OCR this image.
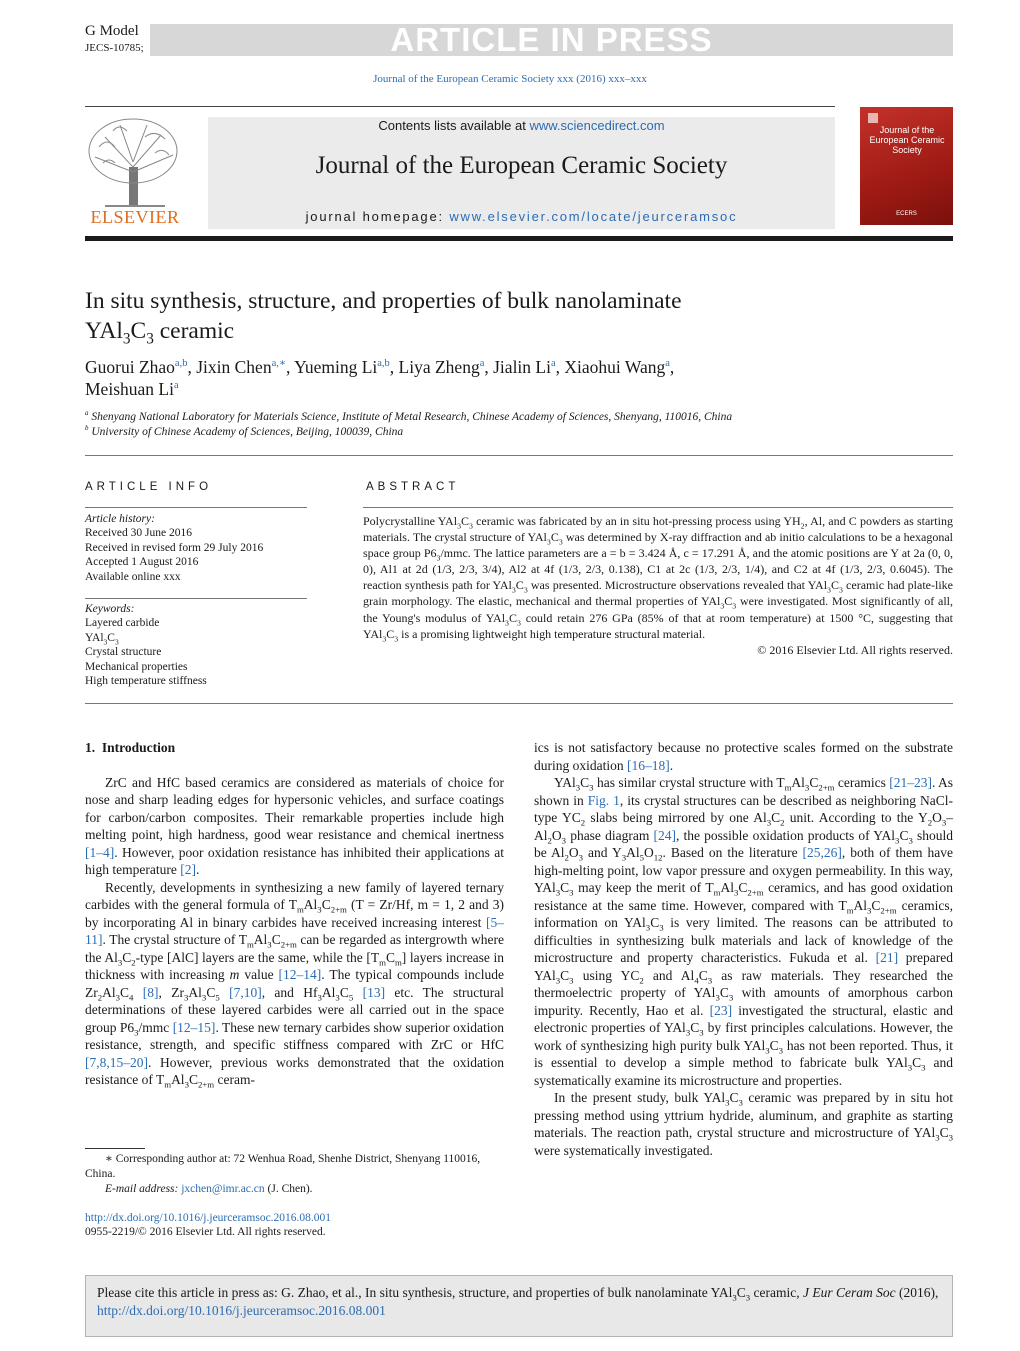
G Model
JECS-10785;	ARTICLE IN PRESS
Journal of the European Ceramic Society xxx (2016) xxx–xxx
ELSEVIER
Contents lists available at www.sciencedirect.com
Journal of the European Ceramic Society
journal homepage: www.elsevier.com/locate/jeurceramsoc
Journal of the European Ceramic Society
ECERS
In situ synthesis, structure, and properties of bulk nanolaminate
$YAl_3C_3$ ceramic
Guorui Zhao$^{a,b}$, Jixin Chen$^{a,∗}$, Yueming Li$^{a,b}$, Liya Zheng$^a$, Jialin Li$^a$, Xiaohui Wang$^a$,
Meishuan Li$^a$
$^a$ Shenyang National Laboratory for Materials Science, Institute of Metal Research, Chinese Academy of Sciences, Shenyang, 110016, China
$^b$ University of Chinese Academy of Sciences, Beijing, 100039, China
ARTICLE INFO
Article history:
Received 30 June 2016
Received in revised form 29 July 2016
Accepted 1 August 2016
Available online xxx
Keywords:
Layered carbide
$YAl_3C_3$
Crystal structure
Mechanical properties
High temperature stiffness
ABSTRACT
Polycrystalline $YAl_3C_3$ ceramic was fabricated by an in situ hot-pressing process using $YH_2$, Al, and C powders as starting materials. The crystal structure of $YAl_3C_3$ was determined by X-ray diffraction and ab initio calculations to be a hexagonal space group $P6_3$/mmc. The lattice parameters are a = b = 3.424 Å, c = 17.291 Å, and the atomic positions are Y at 2a (0, 0, 0), Al1 at 2d (1/3, 2/3, 3/4), Al2 at 4f (1/3, 2/3, 0.138), C1 at 2c (1/3, 2/3, 1/4), and C2 at 4f (1/3, 2/3, 0.6045). The reaction synthesis path for $YAl_3C_3$ was presented. Microstructure observations revealed that $YAl_3C_3$ ceramic had plate-like grain morphology. The elastic, mechanical and thermal properties of $YAl_3C_3$ were investigated. Most significantly of all, the Young's modulus of $YAl_3C_3$ could retain 276 GPa (85% of that at room temperature) at 1500 °C, suggesting that $YAl_3C_3$ is a promising lightweight high temperature structural material.
© 2016 Elsevier Ltd. All rights reserved.

1. Introduction

ZrC and HfC based ceramics are considered as materials of choice for nose and sharp leading edges for hypersonic vehicles, and surface coatings for carbon/carbon composites. Their remarkable properties include high melting point, high hardness, good wear resistance and chemical inertness [1–4]. However, poor oxidation resistance has inhibited their applications at high temperature [2].

Recently, developments in synthesizing a new family of layered ternary carbides with the general formula of $T_mAl_3C_{2+m}$ (T = Zr/Hf, m = 1, 2 and 3) by incorporating Al in binary carbides have received increasing interest [5–11]. The crystal structure of $T_mAl_3C_{2+m}$ can be regarded as intergrowth where the $Al_3C_2$-type [AlC] layers are the same, while the $[T_mC_m]$ layers increase in thickness with increasing m value [12–14]. The typical compounds include $Zr_2Al_3C_4$ [8], $Zr_3Al_3C_5$ [7,10], and $Hf_3Al_3C_5$ [13] etc. The structural determinations of these layered carbides were all carried out in the space group $P6_3$/mmc [12–15]. These new ternary carbides show superior oxidation resistance, strength, and specific stiffness compared with ZrC or HfC [7,8,15–20]. However, previous works demonstrated that the oxidation resistance of $T_mAl_3C_{2+m}$ ceram-

∗ Corresponding author at: 72 Wenhua Road, Shenhe District, Shenyang 110016, China.
E-mail address: jxchen@imr.ac.cn (J. Chen).
http://dx.doi.org/10.1016/j.jeurceramsoc.2016.08.001
0955-2219/© 2016 Elsevier Ltd. All rights reserved.

ics is not satisfactory because no protective scales formed on the substrate during oxidation [16–18].

$YAl_3C_3$ has similar crystal structure with $T_mAl_3C_{2+m}$ ceramics [21–23]. As shown in Fig. 1, its crystal structures can be described as neighboring NaCl-type $YC_2$ slabs being mirrored by one $Al_3C_2$ unit. According to the $Y_2O_3-Al_2O_3$ phase diagram [24], the possible oxidation products of $YAl_3C_3$ should be $Al_2O_3$ and $Y_3Al_5O_{12}$. Based on the literature [25,26], both of them have high-melting point, low vapor pressure and oxygen permeability. In this way, $YAl_3C_3$ may keep the merit of $T_mAl_3C_{2+m}$ ceramics, and has good oxidation resistance at the same time. However, compared with $T_mAl_3C_{2+m}$ ceramics, information on $YAl_3C_3$ is very limited. The reasons can be attributed to difficulties in synthesizing bulk materials and lack of knowledge of the microstructure and property characteristics. Fukuda et al. [21] prepared $YAl_3C_3$ using $YC_2$ and $Al_4C_3$ as raw materials. They researched the thermoelectric property of $YAl_3C_3$ with amounts of amorphous carbon impurity. Recently, Hao et al. [23] investigated the structural, elastic and electronic properties of $YAl_3C_3$ by first principles calculations. However, the work of synthesizing high purity bulk $YAl_3C_3$ has not been reported. Thus, it is essential to develop a simple method to fabricate bulk $YAl_3C_3$ and systematically examine its microstructure and properties.

In the present study, bulk $YAl_3C_3$ ceramic was prepared by in situ hot pressing method using yttrium hydride, aluminum, and graphite as starting materials. The reaction path, crystal structure and microstructure of $YAl_3C_3$ were systematically investigated.

Please cite this article in press as: G. Zhao, et al., In situ synthesis, structure, and properties of bulk nanolaminate $YAl_3C_3$ ceramic, J Eur Ceram Soc (2016), http://dx.doi.org/10.1016/j.jeurceramsoc.2016.08.001
